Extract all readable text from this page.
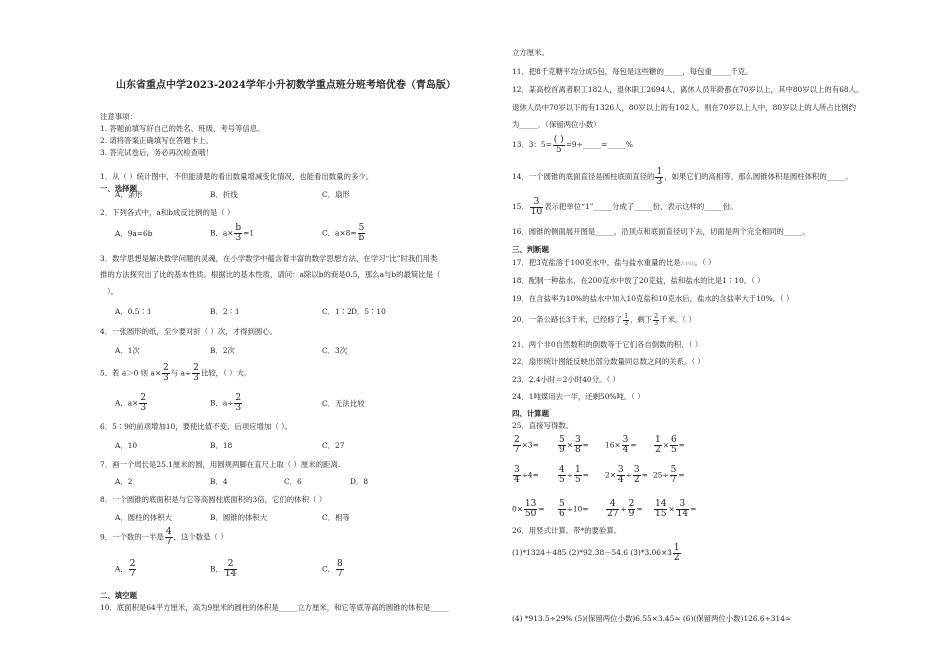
山东省重点中学2023-2024学年小升初数学重点班分班考培优卷（青岛版）
注意事项：
1. 答题前填写好自己的姓名、班级、考号等信息。
2. 请将答案正确填写在答题卡上。
3. 答完试卷后，务必再次检查哦！
一、选择题
1．从（ ）统计图中，不但能清楚的看出数量增减变化情况，也能看出数量的多少。
A．条形	B．折线	C．扇形
2．下列各式中，a和b成反比例的是（ ）
A．9a=6b	B．$a\times \frac{b}{3} =1$	C．$a\times 8= \frac{5}{b}$
3．数学思想是解决数学问题的灵魂，在小学数学中蕴含着丰富的数学思想方法，在学习“比”时我们用类
推的方法探究出了比的基本性质。根据比的基本性质，请问：a除以b的商是0.5，那么a与b的最简比是（
）。
A．0.5∶1	B．2∶1	C．1∶2 D．5∶10
4．一张圆形的纸，至少要对折（ ）次，才得到圆心。
A．1次	B．2次	C．3次
5．若 a＞0 则 $a\times \frac{2}{3}$ 与 $a\div \frac{2}{3}$ 比较，（ ）大.
A．$a\times \frac{2}{3}$	B．$a\div \frac{2}{3}$	C．无法比较
6．5∶9的前项增加10，要使比值不变，后项应增加（ ）。
A．10	B．18	C．27
7．画一个周长是25.1厘米的圆，用圆规两脚在直尺上取（ ）厘米的距离.
A．2	B．4	C．6	D．8
8．一个圆锥的底面积是与它等高圆柱底面积的3倍，它们的体积（ ）
A．圆柱的体积大	B．圆锥的体积大	C．相等
9．一个数的一半是 $\frac{4}{7}$ ，这个数是（ ）
A． $\frac{2}{7}$	B． $\frac{2}{14}$	C． $\frac{8}{7}$
二、填空题
10．底面积是64平方厘米，高为9厘米的圆柱的体积是_____立方厘米，和它等底等高的圆锥的体积是_____
立方厘米。
11．把8千克糖平均分成5包，每包是这些糖的_____，每包重_____千克。
12．某高校首离者职工182人，退休职工2694人，离休人员年龄都在70岁以上，其中80岁以上的有68人。
退休人员中70岁以下的有1326人，80岁以上的有102人，则在70岁以上人中，80岁以上的人所占比例约
为_____．（保留两位小数）
13．3：$5= \frac{( )}{5}$ =9÷_____=_____%
14．一个圆锥的底面直径是圆柱底面直径的 $\frac{1}{3}$ ，如果它们的高相等，那么圆锥体积是圆柱体积的_____。
15． $\frac{3}{10}$ 表示把单位“1”_____分成了_____份，表示这样的_____份。
16．圆锥的侧面展开图是_____，沿顶点和底面直径切下去，切面是两个完全相同的_____。
三、判断题
17．把3克盐溶于100克水中，盐与盐水重量的比是3∶100。（ ）
18．配制一种盐水，在200克水中放了20克盐，盐和盐水的比是1∶10。（ ）
19．在含盐率为10%的盐水中加入10克盐和10克水后，盐水的含盐率大于10%。（ ）
20．一条公路长3千米，已经修了 $\frac{1}{3}$ ，剩下 $\frac{2}{3}$ 千米。（ ）
21．两个非0自然数积的倒数等于它们各自倒数的积．（ ）
22．扇形统计图能反映出部分数量同总数之间的关系。（ ）
23．2.4小时＝2小时40分。（ ）
24．1吨煤用去一半，还剩50%吨。（ ）
四、计算题
25．直接写得数。
$\frac{2}{7} \times 3= \frac{5}{9} \times \frac{3}{8} = 16\times \frac{3}{4} = \frac{1}{2} \times \frac{6}{5}$ =
$\frac{3}{4} \div 4= \frac{4}{5} \div \frac{1}{5} = 2\times \frac{3}{4} \div \frac{3}{2} = 25\div \frac{5}{7}$ =
$0\times \frac{13}{50} = \frac{5}{6} \div 10= \frac{4}{27} \div \frac{2}{9} = \frac{14}{15} \times \frac{3}{14}$ =
26．用竖式计算。带*的要验算。
(1)*1324＋485 (2)*92.38－54.6 $(3)*3.06\times 3 \frac{1}{2}$
(4) *913.5÷29% (5)(保留两位小数)6.55×3.45≈ (6)(保留两位小数)126.6÷314≈
